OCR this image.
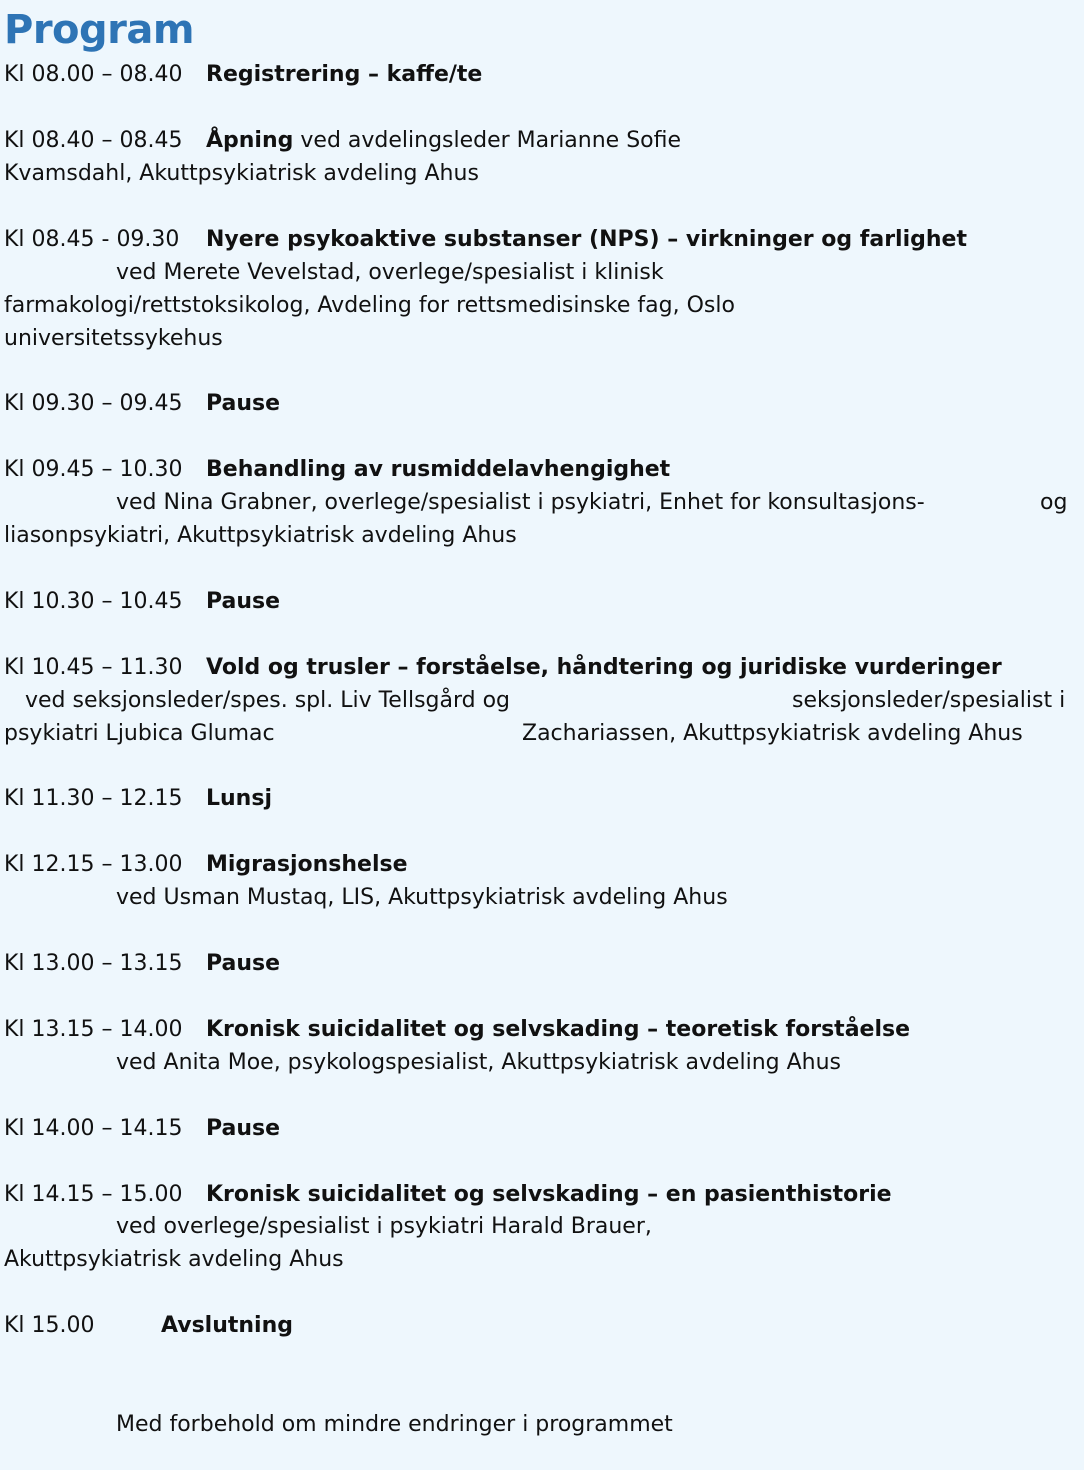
Program
Kl 08.00 – 08.40 Registrering – kaffe/te
Kl 08.40 – 08.45 Åpning ved avdelingsleder Marianne Sofie
Kvamsdahl, Akuttpsykiatrisk avdeling Ahus
Kl 08.45 - 09.30 Nyere psykoaktive substanser (NPS) – virkninger og farlighet
ved Merete Vevelstad, overlege/spesialist i klinisk
farmakologi/rettstoksikolog, Avdeling for rettsmedisinske fag, Oslo
universitetssykehus
Kl 09.30 – 09.45 Pause
Kl 09.45 – 10.30 Behandling av rusmiddelavhengighet
ved Nina Grabner, overlege/spesialist i psykiatri, Enhet for konsultasjons-	og
liasonpsykiatri, Akuttpsykiatrisk avdeling Ahus
Kl 10.30 – 10.45 Pause
Kl 10.45 – 11.30 Vold og trusler – forståelse, håndtering og juridiske vurderinger
ved seksjonsleder/spes. spl. Liv Tellsgård og	seksjonsleder/spesialist i
psykiatri Ljubica Glumac	Zachariassen, Akuttpsykiatrisk avdeling Ahus
Kl 11.30 – 12.15 Lunsj
Kl 12.15 – 13.00 Migrasjonshelse
ved Usman Mustaq, LIS, Akuttpsykiatrisk avdeling Ahus
Kl 13.00 – 13.15 Pause
Kl 13.15 – 14.00 Kronisk suicidalitet og selvskading – teoretisk forståelse
ved Anita Moe, psykologspesialist, Akuttpsykiatrisk avdeling Ahus
Kl 14.00 – 14.15 Pause
Kl 14.15 – 15.00 Kronisk suicidalitet og selvskading – en pasienthistorie
ved overlege/spesialist i psykiatri Harald Brauer,
Akuttpsykiatrisk avdeling Ahus
Kl 15.00	Avslutning
Med forbehold om mindre endringer i programmet
